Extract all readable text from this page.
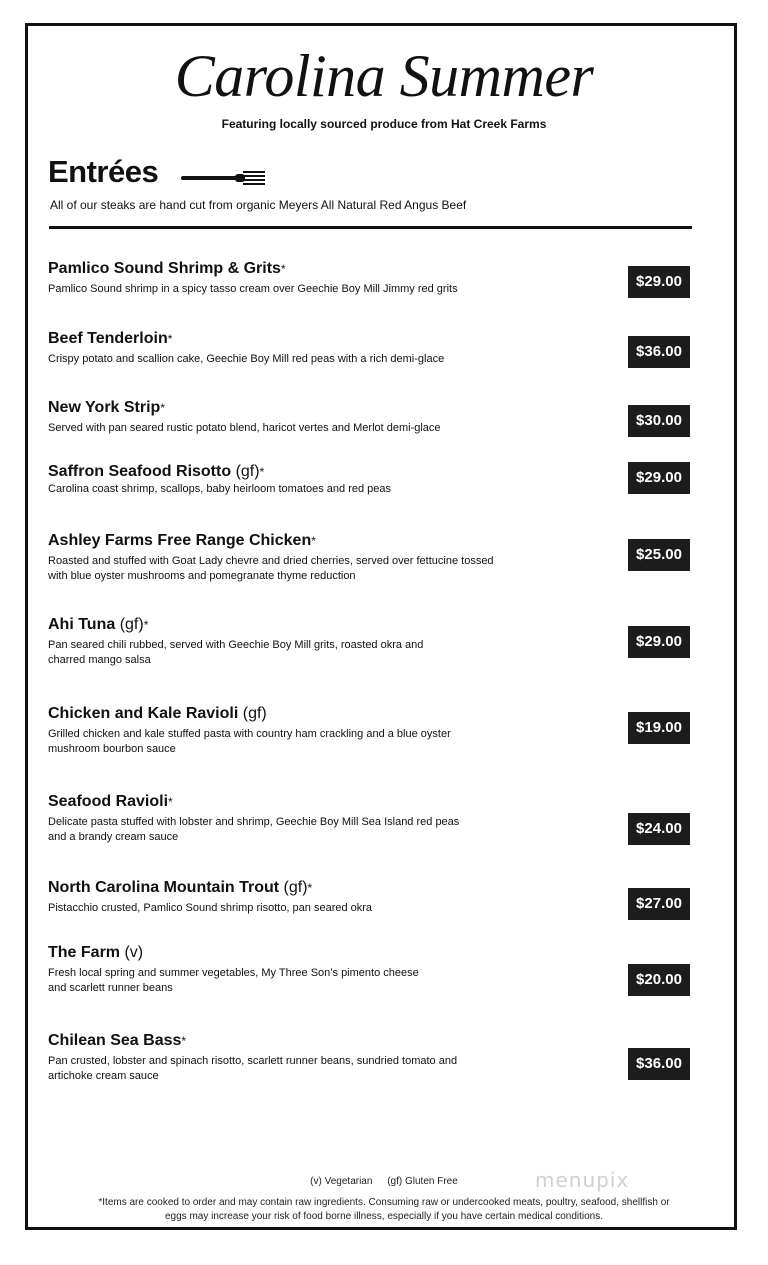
Carolina Summer
Featuring locally sourced produce from Hat Creek Farms
Entrées
All of our steaks are hand cut from organic Meyers All Natural Red Angus Beef
Pamlico Sound Shrimp & Grits*
Pamlico Sound shrimp in a spicy tasso cream over Geechie Boy Mill Jimmy red grits	$29.00
Beef Tenderloin*
Crispy potato and scallion cake, Geechie Boy Mill red peas with a rich demi-glace	$36.00
New York Strip*
Served with pan seared rustic potato blend, haricot vertes and Merlot demi-glace	$30.00
Saffron Seafood Risotto (gf)*
Carolina coast shrimp, scallops, baby heirloom tomatoes and red peas
$29.00
Ashley Farms Free Range Chicken*
Roasted and stuffed with Goat Lady chevre and dried cherries, served over fettucine tossed
with blue oyster mushrooms and pomegranate thyme reduction
$25.00
Ahi Tuna (gf)*
Pan seared chili rubbed, served with Geechie Boy Mill grits, roasted okra and
charred mango salsa
$29.00
Chicken and Kale Ravioli (gf)
Grilled chicken and kale stuffed pasta with country ham crackling and a blue oyster
mushroom bourbon sauce
$19.00
Seafood Ravioli*
Delicate pasta stuffed with lobster and shrimp, Geechie Boy Mill Sea Island red peas
and a brandy cream sauce	$24.00
North Carolina Mountain Trout (gf)*
Pistacchio crusted, Pamlico Sound shrimp risotto, pan seared okra	$27.00
The Farm (v)
Fresh local spring and summer vegetables, My Three Son’s pimento cheese
and scarlett runner beans	$20.00
Chilean Sea Bass*
Pan crusted, lobster and spinach risotto, scarlett runner beans, sundried tomato and
artichoke cream sauce
$36.00
menupix
(v) Vegetarian (gf) Gluten Free
*Items are cooked to order and may contain raw ingredients. Consuming raw or undercooked meats, poultry, seafood, shellfish or
eggs may increase your risk of food borne illness, especially if you have certain medical conditions.
